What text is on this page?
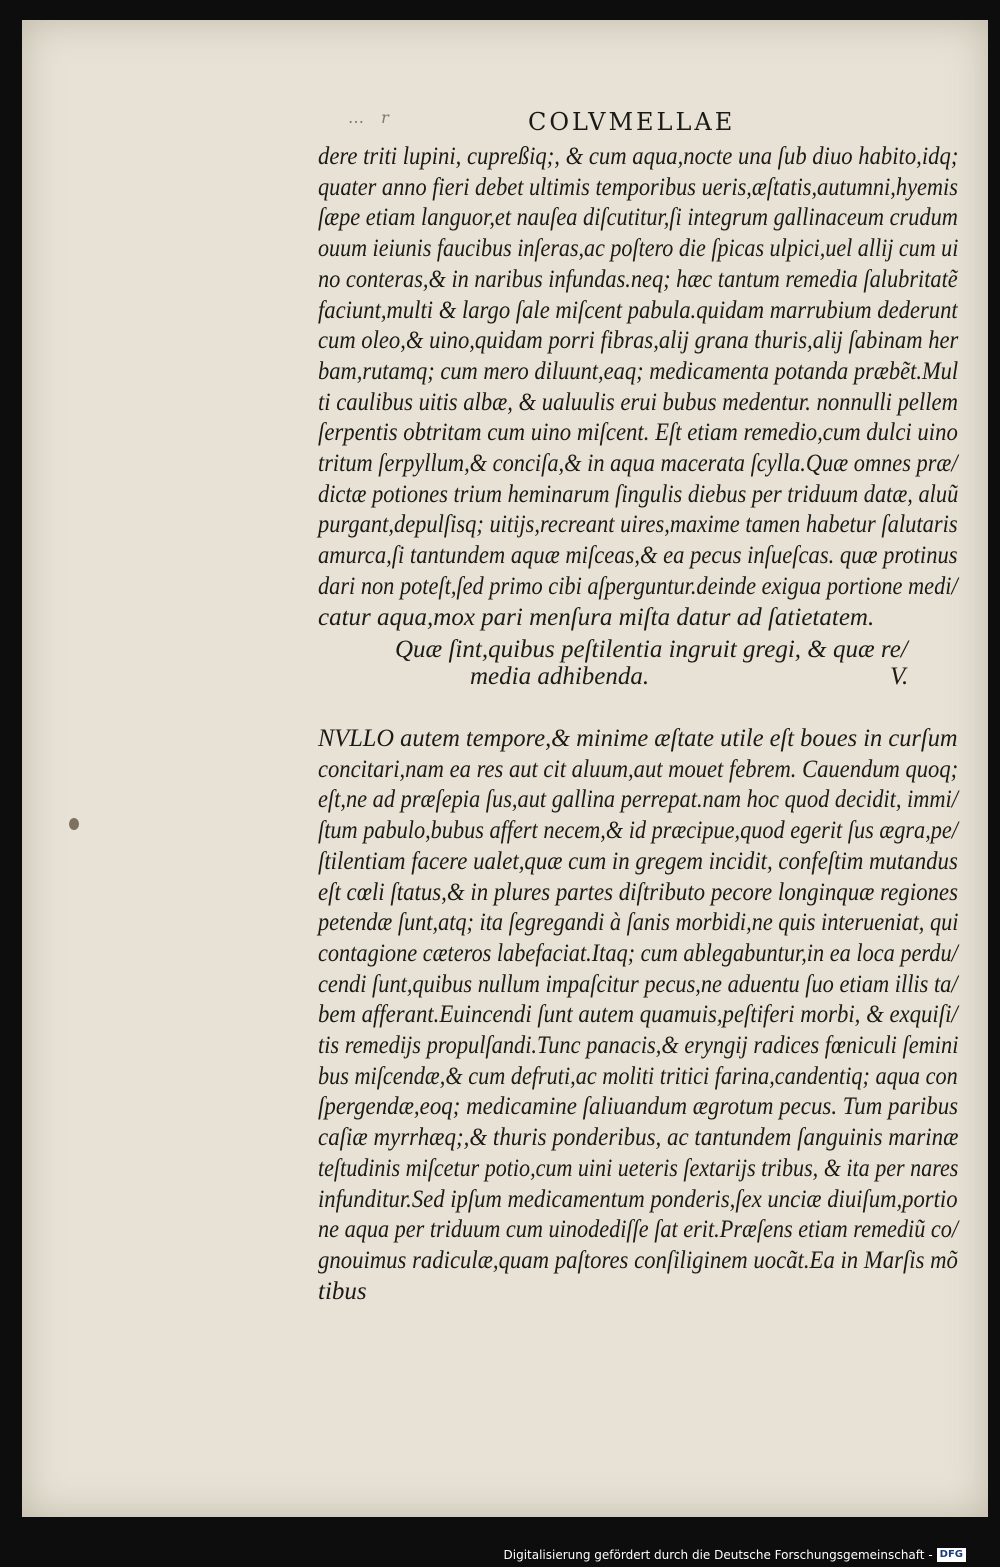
… r	COLVMELLAE
dere triti lupini, cupreßiq;, & cum aqua,nocte una ſub diuo habito,idq;
quater anno fieri debet ultimis temporibus ueris,æſtatis,autumni,hyemis
ſæpe etiam languor,et nauſea diſcutitur,ſi integrum gallinaceum crudum
ouum ieiunis faucibus inſeras,ac poſtero die ſpicas ulpici,uel allij cum ui
no conteras,& in naribus infundas.neq; hæc tantum remedia ſalubritatẽ
faciunt,multi & largo ſale miſcent pabula.quidam marrubium dederunt
cum oleo,& uino,quidam porri fibras,alij grana thuris,alij ſabinam her
bam,rutamq; cum mero diluunt,eaq; medicamenta potanda præbẽt.Mul
ti caulibus uitis albæ, & ualuulis erui bubus medentur. nonnulli pellem
ſerpentis obtritam cum uino miſcent. Eſt etiam remedio,cum dulci uino
tritum ſerpyllum,& conciſa,& in aqua macerata ſcylla.Quæ omnes præ/
dictæ potiones trium heminarum ſingulis diebus per triduum datæ, aluũ
purgant,depulſisq; uitijs,recreant uires,maxime tamen habetur ſalutaris
amurca,ſi tantundem aquæ miſceas,& ea pecus inſueſcas. quæ protinus
dari non poteſt,ſed primo cibi aſperguntur.deinde exigua portione medi/
catur aqua,mox pari menſura miſta datur ad ſatietatem.
Quæ ſint,quibus peſtilentia ingruit gregi, & quæ re/
media adhibenda.	V.
NVLLO autem tempore,& minime æſtate utile eſt boues in curſum
concitari,nam ea res aut cit aluum,aut mouet febrem. Cauendum quoq;
eſt,ne ad præſepia ſus,aut gallina perrepat.nam hoc quod decidit, immi/
ſtum pabulo,bubus affert necem,& id præcipue,quod egerit ſus ægra,pe/
ſtilentiam facere ualet,quæ cum in gregem incidit, confeſtim mutandus
eſt cœli ſtatus,& in plures partes diſtributo pecore longinquæ regiones
petendæ ſunt,atq; ita ſegregandi à ſanis morbidi,ne quis interueniat, qui
contagione cæteros labefaciat.Itaq; cum ablegabuntur,in ea loca perdu/
cendi ſunt,quibus nullum impaſcitur pecus,ne aduentu ſuo etiam illis ta/
bem afferant.Euincendi ſunt autem quamuis,peſtiferi morbi, & exquiſi/
tis remedijs propulſandi.Tunc panacis,& eryngij radices fœniculi ſemini
bus miſcendæ,& cum defruti,ac moliti tritici farina,candentiq; aqua con
ſpergendæ,eoq; medicamine ſaliuandum ægrotum pecus. Tum paribus
caſiæ myrrhæq;,& thuris ponderibus, ac tantundem ſanguinis marinæ
teſtudinis miſcetur potio,cum uini ueteris ſextarijs tribus, & ita per nares
infunditur.Sed ipſum medicamentum ponderis,ſex unciæ diuiſum,portio
ne aqua per triduum cum uinodediſſe ſat erit.Præſens etiam remediũ co/
gnouimus radiculæ,quam paſtores conſiliginem uocãt.Ea in Marſis mõ
tibus
Digitalisierung gefördert durch die Deutsche Forschungsgemeinschaft - DFG
